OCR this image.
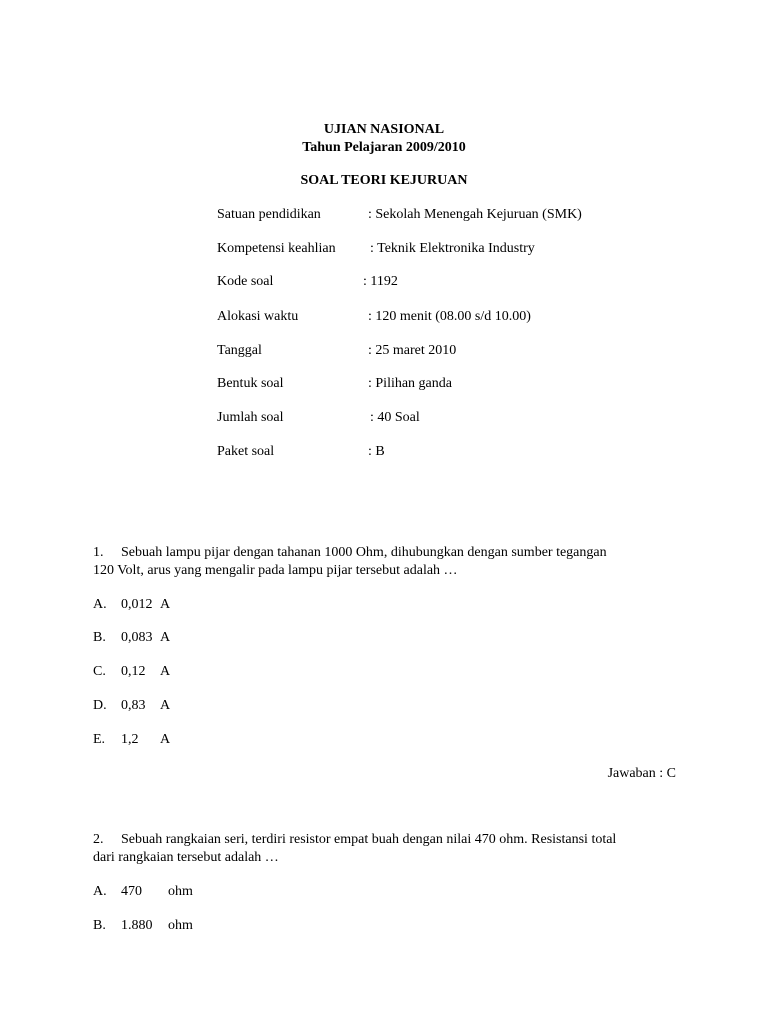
UJIAN NASIONAL
Tahun Pelajaran 2009/2010
SOAL TEORI KEJURUAN
Satuan pendidikan	: Sekolah Menengah Kejuruan (SMK)
Kompetensi keahlian : Teknik Elektronika Industry
Kode soal	: 1192
Alokasi waktu	: 120 menit (08.00 s/d 10.00)
Tanggal	: 25 maret 2010
Bentuk soal	: Pilihan ganda
Jumlah soal	: 40 Soal
Paket soal	: B
1.     Sebuah lampu pijar dengan tahanan 1000 Ohm, dihubungkan dengan sumber tegangan
120 Volt, arus yang mengalir pada lampu pijar tersebut adalah …
A. 0,012 A
B. 0,083 A
C. 0,12 A
D. 0,83 A
E. 1,2 A
Jawaban : C
2.     Sebuah rangkaian seri, terdiri resistor empat buah dengan nilai 470 ohm. Resistansi total
dari rangkaian tersebut adalah …
A. 470 ohm
B. 1.880 ohm
